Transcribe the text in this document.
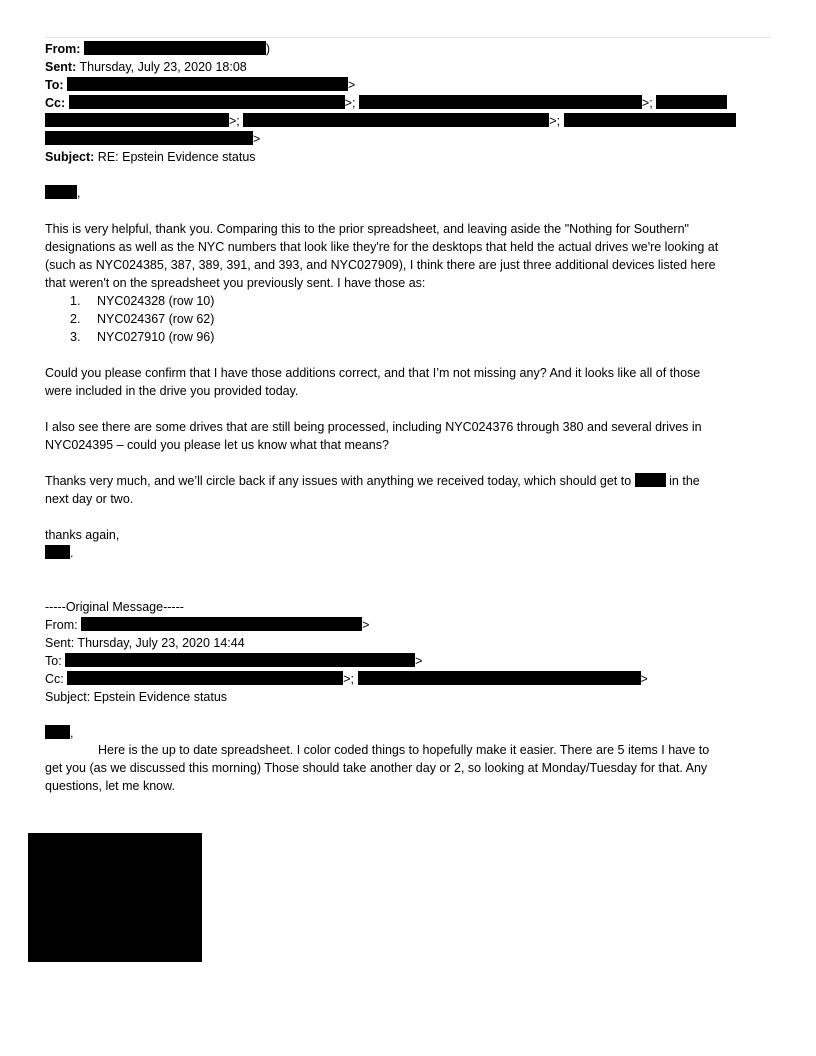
From:	)
Sent: Thursday, July 23, 2020 18:08
To:	>
Cc:	>;	>;
>;	>;
>
Subject: RE: Epstein Evidence status
,
This is very helpful, thank you. Comparing this to the prior spreadsheet, and leaving aside the "Nothing for Southern"
designations as well as the NYC numbers that look like they're for the desktops that held the actual drives we're looking at
(such as NYC024385, 387, 389, 391, and 393, and NYC027909), I think there are just three additional devices listed here
that weren't on the spreadsheet you previously sent. I have those as:
1. NYC024328 (row 10)
2. NYC024367 (row 62)
3. NYC027910 (row 96)
Could you please confirm that I have those additions correct, and that I’m not missing any? And it looks like all of those
were included in the drive you provided today.
I also see there are some drives that are still being processed, including NYC024376 through 380 and several drives in
NYC024395 – could you please let us know what that means?
Thanks very much, and we’ll circle back if any issues with anything we received today, which should get to	in the
next day or two.
thanks again,
.
-----Original Message-----
From:	>
Sent: Thursday, July 23, 2020 14:44
To:	>
Cc:	>;	>
Subject: Epstein Evidence status
,
Here is the up to date spreadsheet. I color coded things to hopefully make it easier. There are 5 items I have to
get you (as we discussed this morning) Those should take another day or 2, so looking at Monday/Tuesday for that. Any
questions, let me know.
